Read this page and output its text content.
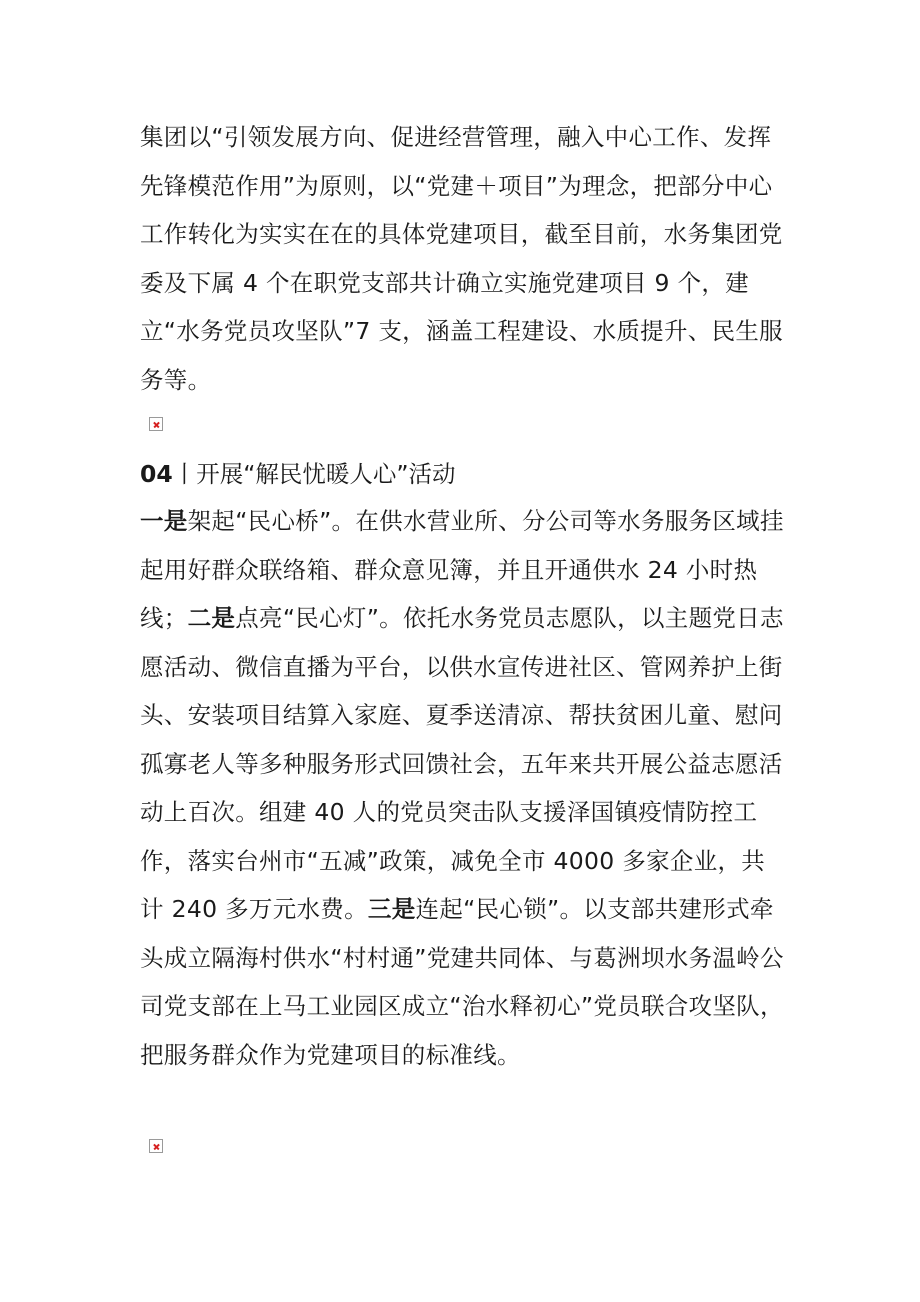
集团以“引领发展方向、促进经营管理，融入中心工作、发挥先锋模范作用”为原则，以“党建＋项目”为理念，把部分中心工作转化为实实在在的具体党建项目，截至目前，水务集团党委及下属 4 个在职党支部共计确立实施党建项目 9 个，建立“水务党员攻坚队”7 支，涵盖工程建设、水质提升、民生服务等。

04丨开展“解民忧暖人心”活动

一是架起“民心桥”。在供水营业所、分公司等水务服务区域挂起用好群众联络箱、群众意见簿，并且开通供水 24 小时热线；二是点亮“民心灯”。依托水务党员志愿队，以主题党日志愿活动、微信直播为平台，以供水宣传进社区、管网养护上街头、安装项目结算入家庭、夏季送清凉、帮扶贫困儿童、慰问孤寡老人等多种服务形式回馈社会，五年来共开展公益志愿活动上百次。组建 40 人的党员突击队支援泽国镇疫情防控工作，落实台州市“五减”政策，减免全市 4000 多家企业，共计 240 多万元水费。三是连起“民心锁”。以支部共建形式牵头成立隔海村供水“村村通”党建共同体、与葛洲坝水务温岭公司党支部在上马工业园区成立“治水释初心”党员联合攻坚队，把服务群众作为党建项目的标准线。
